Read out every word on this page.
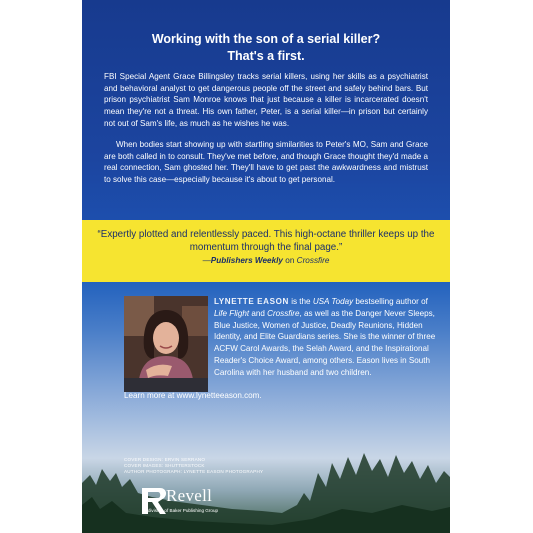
Working with the son of a serial killer?
That's a first.

FBI Special Agent Grace Billingsley tracks serial killers, using her skills as a psychiatrist and behavioral analyst to get dangerous people off the street and safely behind bars. But prison psychiatrist Sam Monroe knows that just because a killer is incarcerated doesn't mean they're not a threat. His own father, Peter, is a serial killer—in prison but certainly not out of Sam's life, as much as he wishes he was.

When bodies start showing up with startling similarities to Peter's MO, Sam and Grace are both called in to consult. They've met before, and though Grace thought they'd made a real connection, Sam ghosted her. They'll have to get past the awkwardness and mistrust to solve this case—especially because it's about to get personal.

“Expertly plotted and relentlessly paced. This high-octane thriller keeps up the momentum through the final page.”
—Publishers Weekly on Crossfire
LYNETTE EASON is the USA Today bestselling author of Life Flight and Crossfire, as well as the Danger Never Sleeps, Blue Justice, Women of Justice, Deadly Reunions, Hidden Identity, and Elite Guardians series. She is the winner of three ACFW Carol Awards, the Selah Award, and the Inspirational Reader's Choice Award, among others. Eason lives in South Carolina with her husband and two children.
Learn more at www.lynetteeason.com.
COVER DESIGN: ERVIN SERRANO
COVER IMAGES: SHUTTERSTOCK
AUTHOR PHOTOGRAPH: LYNETTE EASON PHOTOGRAPHY
Revell
a division of Baker Publishing Group
